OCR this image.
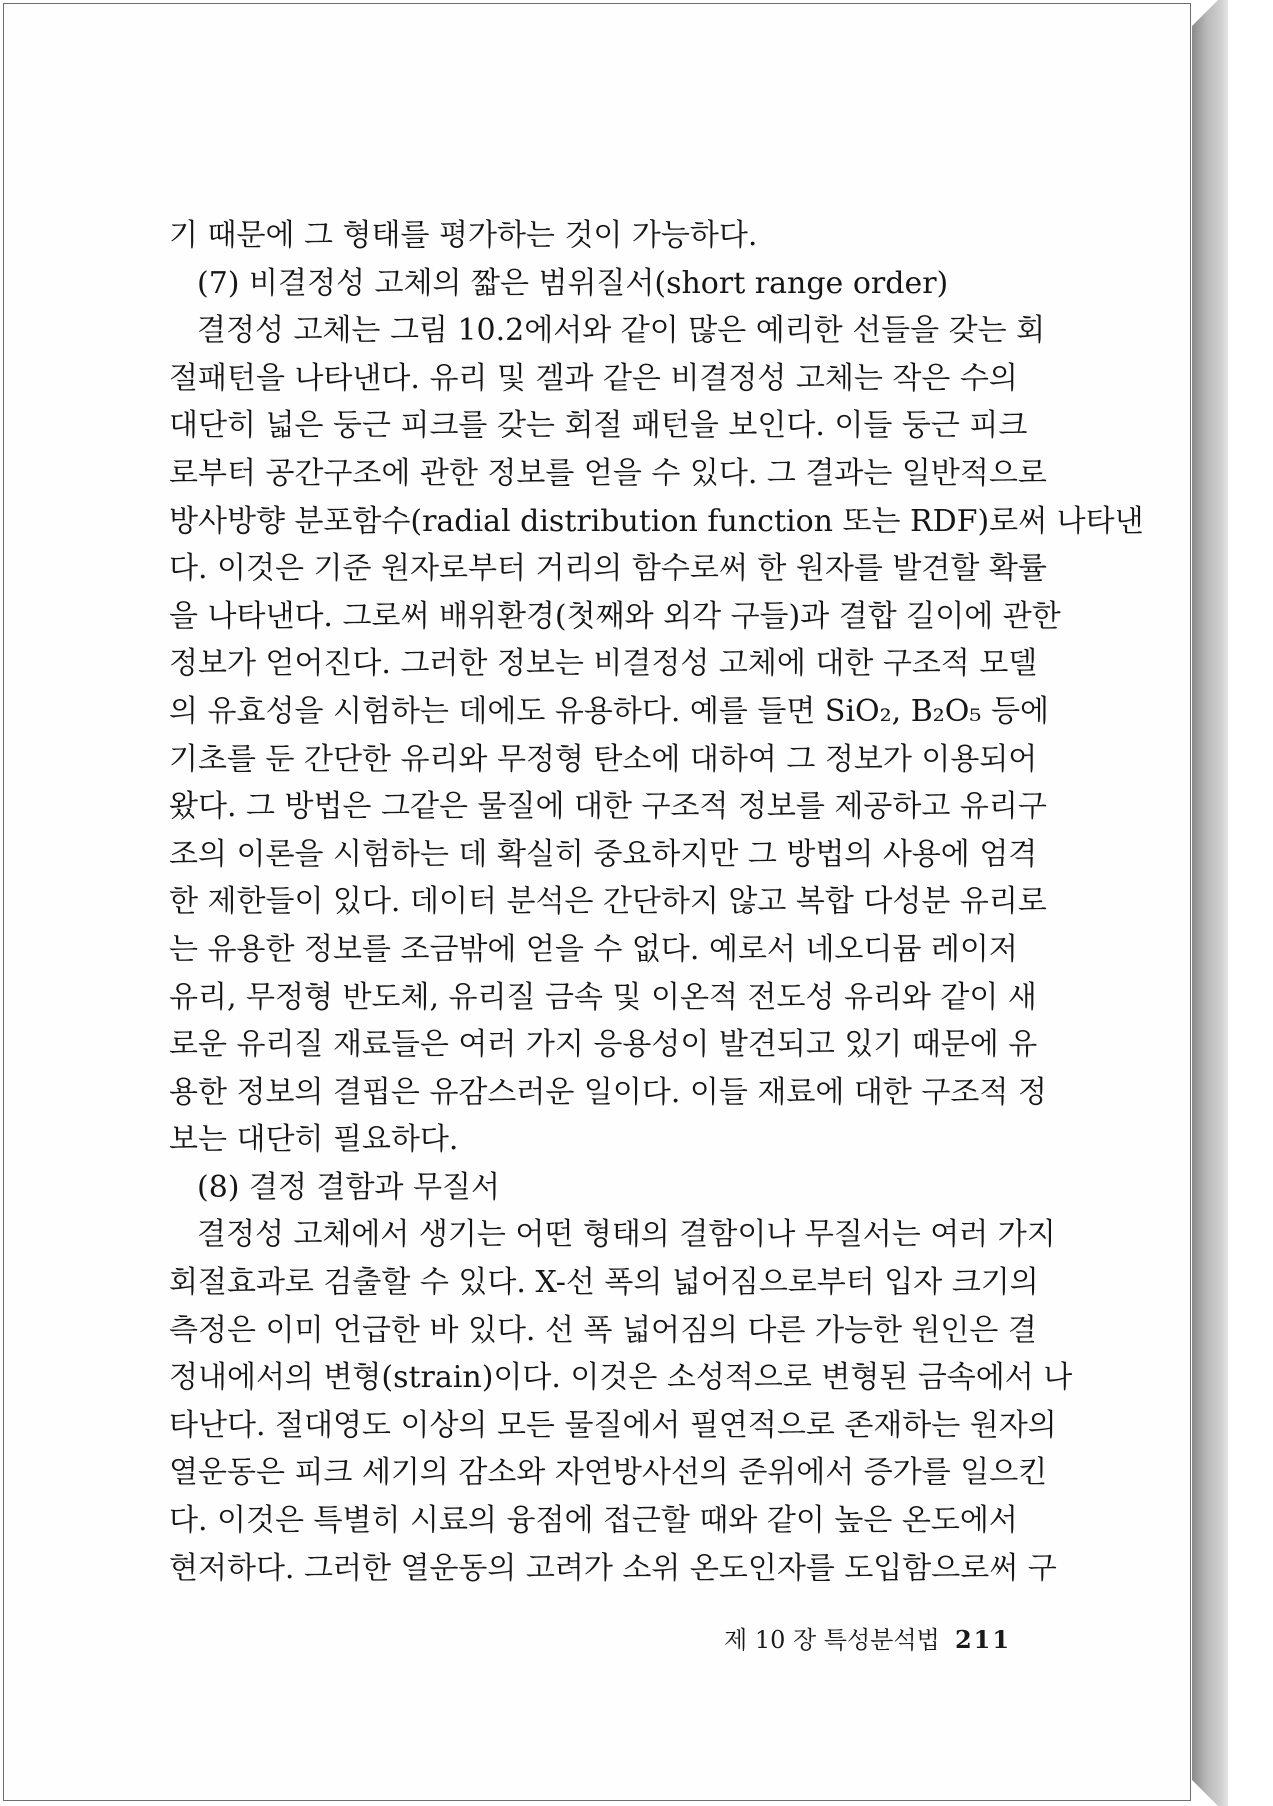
기 때문에 그 형태를 평가하는 것이 가능하다.
(7) 비결정성 고체의 짧은 범위질서(short range order)
결정성 고체는 그림 10.2에서와 같이 많은 예리한 선들을 갖는 회
절패턴을 나타낸다. 유리 및 겔과 같은 비결정성 고체는 작은 수의
대단히 넓은 둥근 피크를 갖는 회절 패턴을 보인다. 이들 둥근 피크
로부터 공간구조에 관한 정보를 얻을 수 있다. 그 결과는 일반적으로
방사방향 분포함수(radial distribution function 또는 RDF)로써 나타낸
다. 이것은 기준 원자로부터 거리의 함수로써 한 원자를 발견할 확률
을 나타낸다. 그로써 배위환경(첫째와 외각 구들)과 결합 길이에 관한
정보가 얻어진다. 그러한 정보는 비결정성 고체에 대한 구조적 모델
의 유효성을 시험하는 데에도 유용하다. 예를 들면 SiO₂, B₂O₅ 등에
기초를 둔 간단한 유리와 무정형 탄소에 대하여 그 정보가 이용되어
왔다. 그 방법은 그같은 물질에 대한 구조적 정보를 제공하고 유리구
조의 이론을 시험하는 데 확실히 중요하지만 그 방법의 사용에 엄격
한 제한들이 있다. 데이터 분석은 간단하지 않고 복합 다성분 유리로
는 유용한 정보를 조금밖에 얻을 수 없다. 예로서 네오디뮴 레이저
유리, 무정형 반도체, 유리질 금속 및 이온적 전도성 유리와 같이 새
로운 유리질 재료들은 여러 가지 응용성이 발견되고 있기 때문에 유
용한 정보의 결핍은 유감스러운 일이다. 이들 재료에 대한 구조적 정
보는 대단히 필요하다.
(8) 결정 결함과 무질서
결정성 고체에서 생기는 어떤 형태의 결함이나 무질서는 여러 가지
회절효과로 검출할 수 있다. X-선 폭의 넓어짐으로부터 입자 크기의
측정은 이미 언급한 바 있다. 선 폭 넓어짐의 다른 가능한 원인은 결
정내에서의 변형(strain)이다. 이것은 소성적으로 변형된 금속에서 나
타난다. 절대영도 이상의 모든 물질에서 필연적으로 존재하는 원자의
열운동은 피크 세기의 감소와 자연방사선의 준위에서 증가를 일으킨
다. 이것은 특별히 시료의 융점에 접근할 때와 같이 높은 온도에서
현저하다. 그러한 열운동의 고려가 소위 온도인자를 도입함으로써 구
제 10 장 특성분석법 211
